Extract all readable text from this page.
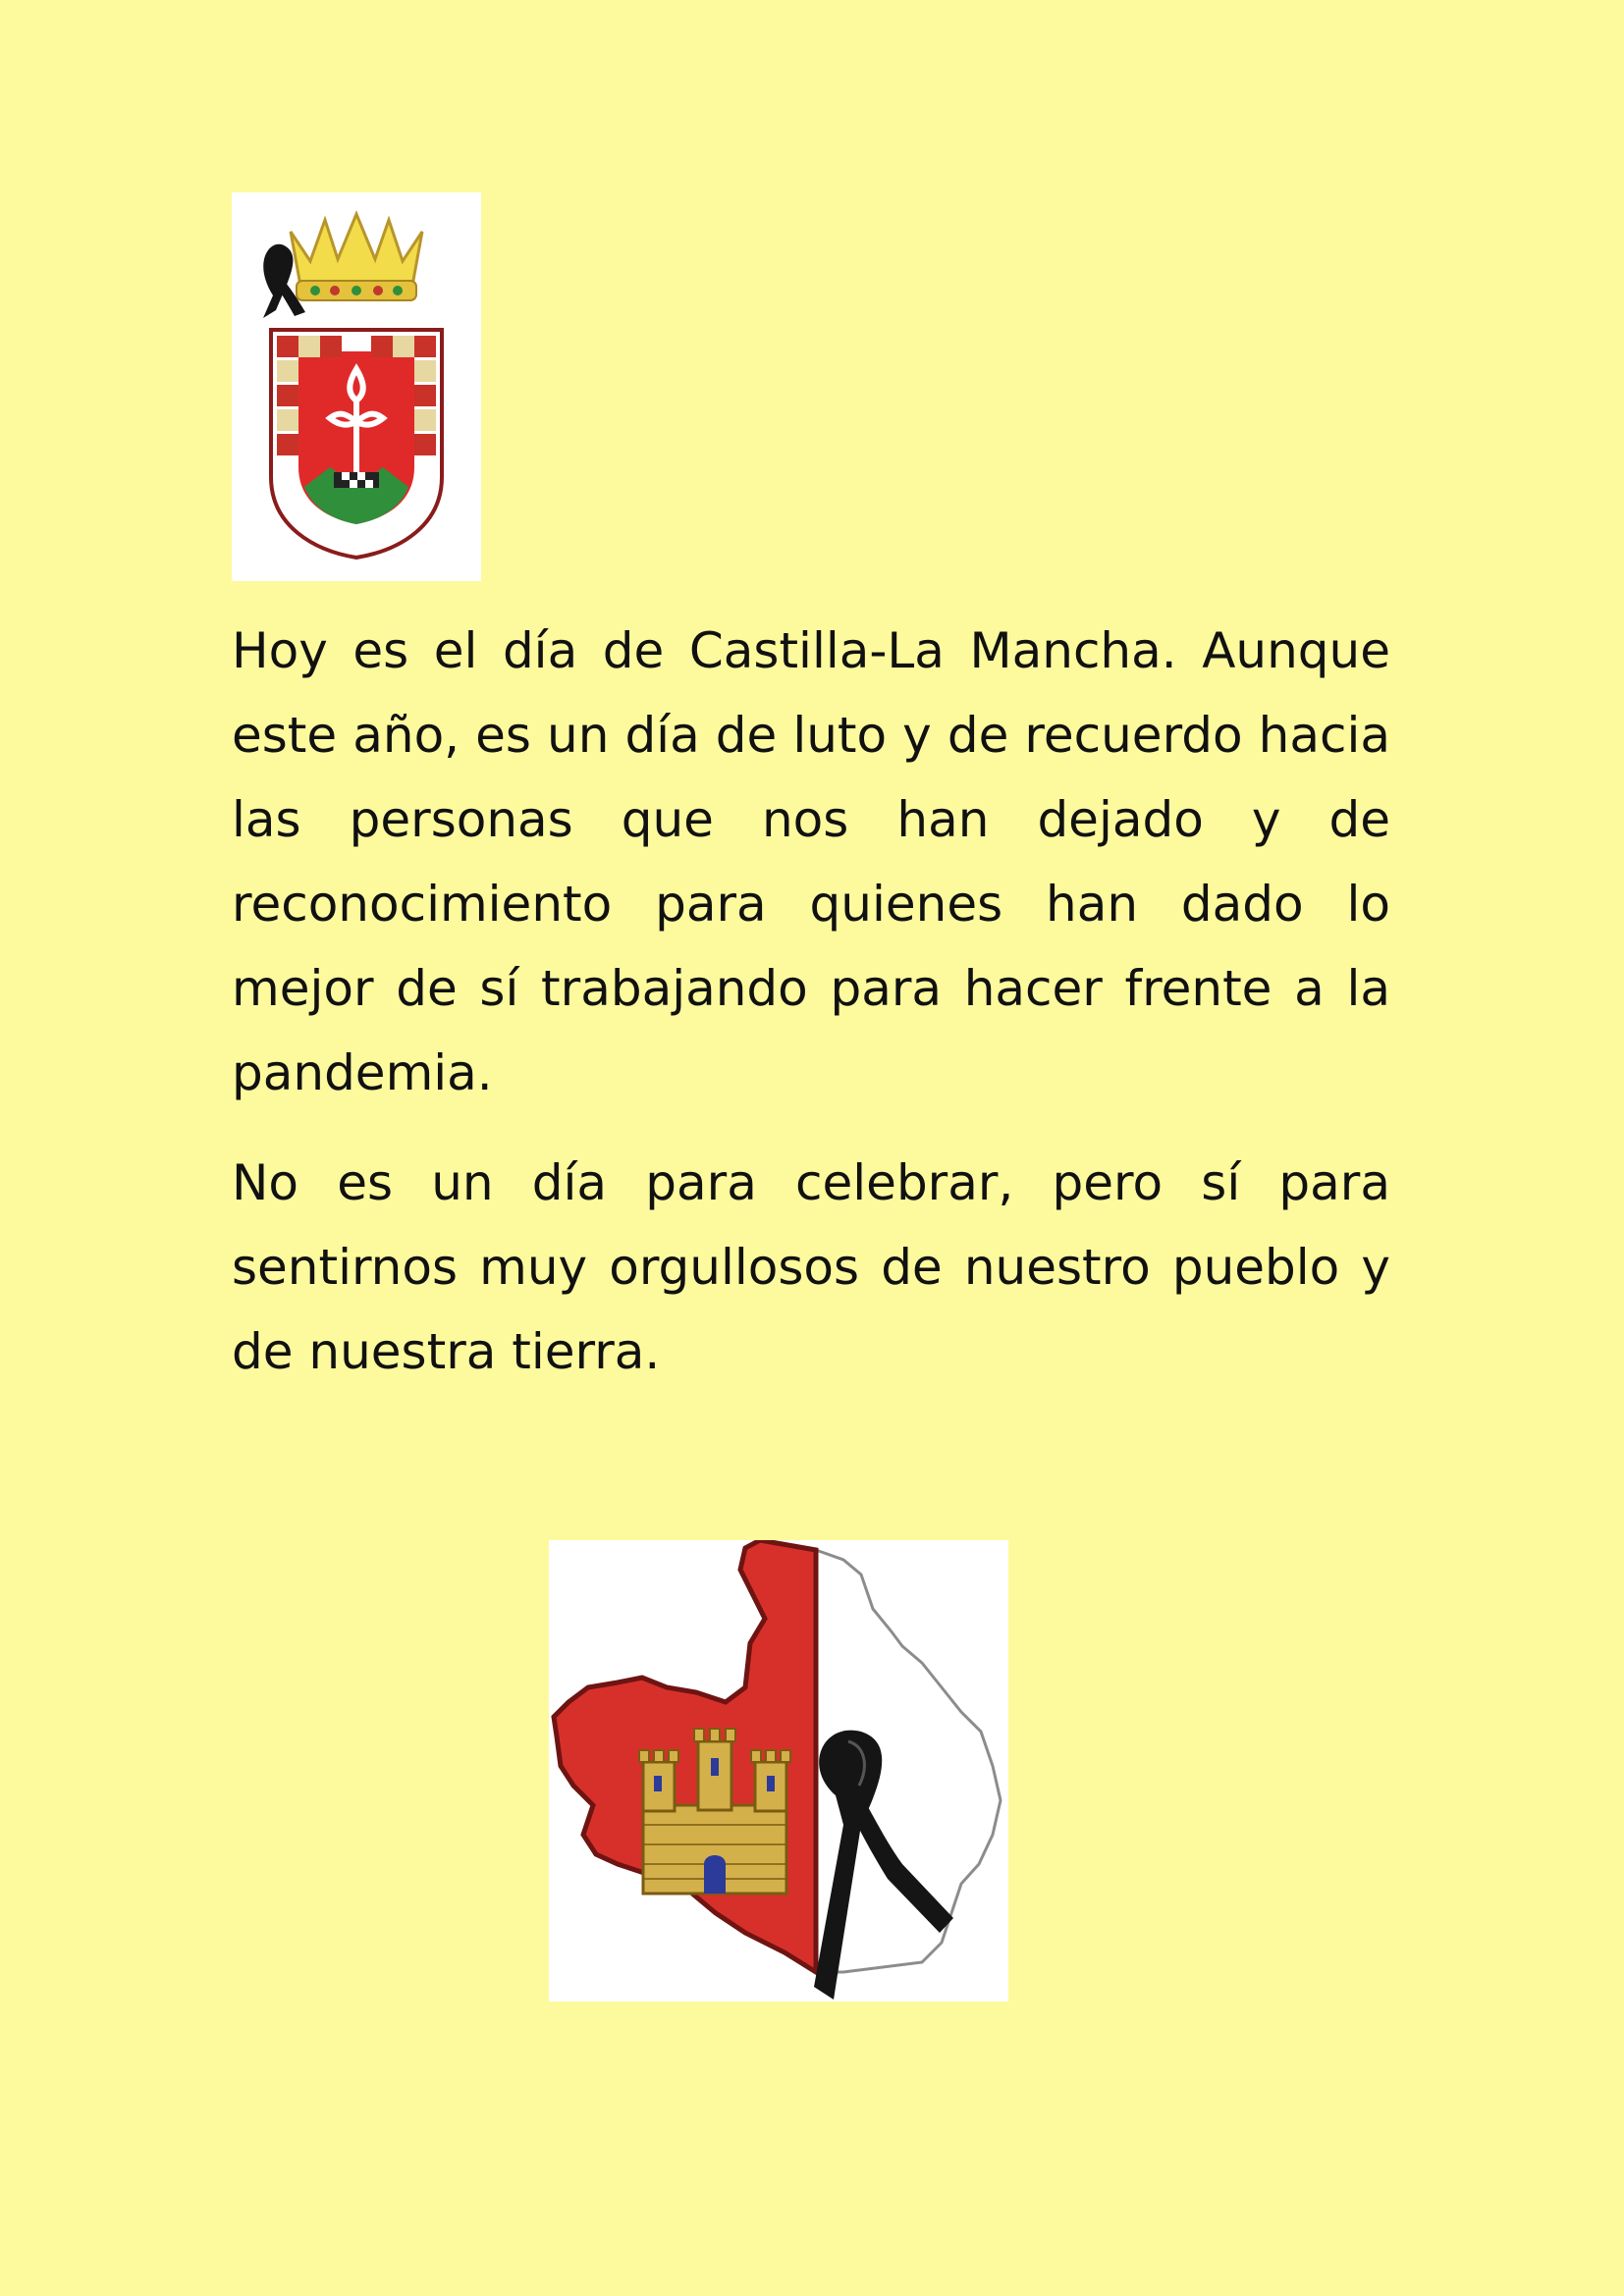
Hoy es el día de Castilla-La Mancha. Aunque este año, es un día de luto y de recuerdo hacia las personas que nos han dejado y de reconocimiento para quienes han dado lo mejor de sí trabajando para hacer frente a la pandemia.

No es un día para celebrar, pero sí para sentirnos muy orgullosos de nuestro pueblo y de nuestra tierra.
